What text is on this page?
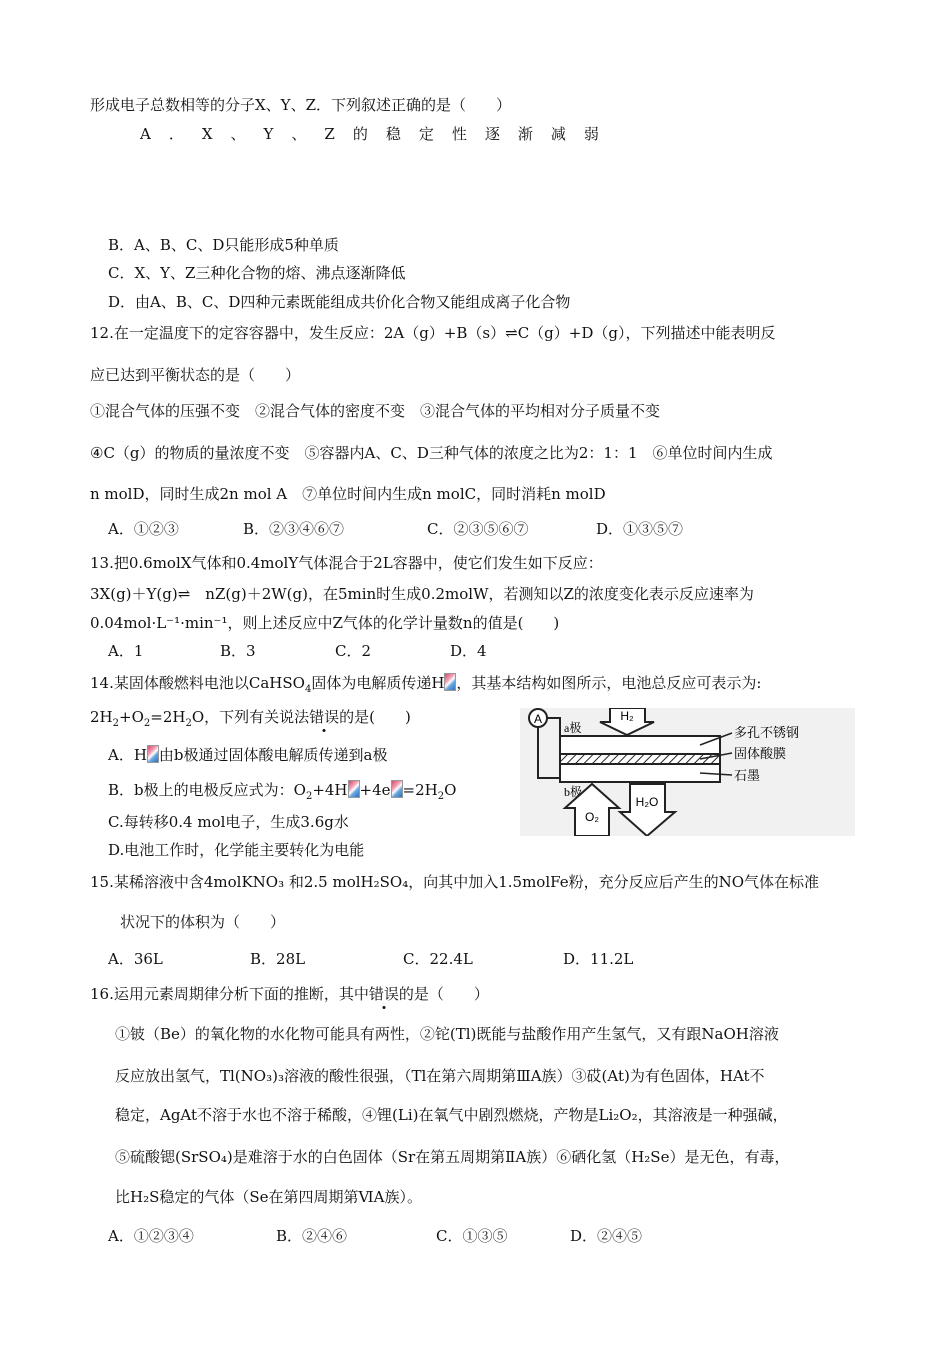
形成电子总数相等的分子X、Y、Z．下列叙述正确的是（　　）
A．X、Y、Z的稳定性逐渐减弱
B．A、B、C、D只能形成5种单质
C．X、Y、Z三种化合物的熔、沸点逐渐降低
D．由A、B、C、D四种元素既能组成共价化合物又能组成离子化合物
12.在一定温度下的定容容器中，发生反应：2A（g）+B（s）⇌C（g）+D（g），下列描述中能表明反
应已达到平衡状态的是（　　）
①混合气体的压强不变　②混合气体的密度不变　③混合气体的平均相对分子质量不变
④C（g）的物质的量浓度不变　⑤容器内A、C、D三种气体的浓度之比为2：1：1　⑥单位时间内生成
n molD，同时生成2n mol A　⑦单位时间内生成n molC，同时消耗n molD
A．①②③	B．②③④⑥⑦	C．②③⑤⑥⑦	D．①③⑤⑦
13.把0.6molX气体和0.4molY气体混合于2L容器中，使它们发生如下反应：
3X(g)＋Y(g)⇌　nZ(g)＋2W(g)，在5min时生成0.2molW，若测知以Z的浓度变化表示反应速率为
0.04mol·L⁻¹·min⁻¹，则上述反应中Z气体的化学计量数n的值是(　　)
A．1	B．3	C．2	D．4
14.某固体酸燃料电池以CaHSO$_4$固体为电解质传递H ，其基本结构如图所示，电池总反应可表示为:
$2H_2+O_2=2H_2O$，下列有关说法错误的是(　　)
A．H 由b极通过固体酸电解质传递到a极
B．b极上的电极反应式为：$O_2+4H +4e =2H_2O$
C.每转移0.4 mol电子，生成3.6g水
D.电池工作时，化学能主要转化为电能
A
a极
b极
H₂
O₂
H₂O
多孔不锈钢
固体酸膜
石墨
15.某稀溶液中含4molKNO₃ 和2.5 molH₂SO₄，向其中加入1.5molFe粉，充分反应后产生的NO气体在标准
状况下的体积为（　　）
A．36L	B．28L	C．22.4L	D．11.2L
16.运用元素周期律分析下面的推断，其中错误的是（　　）
①铍（Be）的氧化物的水化物可能具有两性，②铊(Tl)既能与盐酸作用产生氢气，又有跟NaOH溶液
反应放出氢气，Tl(NO₃)₃溶液的酸性很强，（Tl在第六周期第ⅢA族）③砹(At)为有色固体，HAt不
稳定，AgAt不溶于水也不溶于稀酸，④锂(Li)在氧气中剧烈燃烧，产物是Li₂O₂，其溶液是一种强碱，
⑤硫酸锶(SrSO₄)是难溶于水的白色固体（Sr在第五周期第ⅡA族）⑥硒化氢（H₂Se）是无色，有毒，
比H₂S稳定的气体（Se在第四周期第ⅥA族）。
A．①②③④	B．②④⑥	C．①③⑤	D．②④⑤
